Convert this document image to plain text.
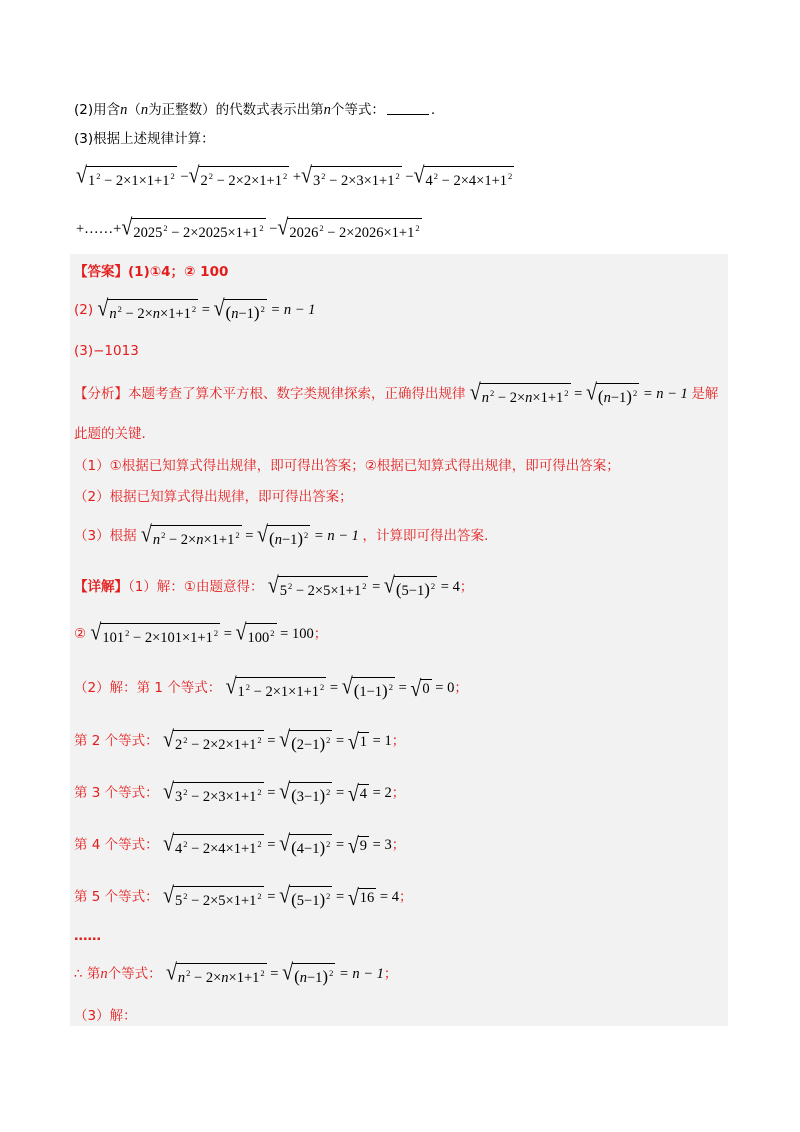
(2)用含n（n为正整数）的代数式表示出第n个等式：	.
(3)根据上述规律计算：
√ $1^2 - 2\times 1\times 1+1^2$ − √ $2^2 - 2\times 2\times 1+1^2$ + √ $3^2 - 2\times 3\times 1+1^2$ − √ $4^2 - 2\times 4\times 1+1^2$
+……+ √ $2025^2 - 2\times 2025\times 1+1^2$ − √ $2026^2 - 2\times 2026\times 1+1^2$
【答案】(1)①4；② 100
(2) √ $n^2 - 2\times n\times 1+1^2$ = √ $(n-1)^2 = n - 1$
(3)−1013
【分析】本题考查了算术平方根、数字类规律探索，正确得出规律 √ $n^2 - 2\times n\times 1+1^2$ = √ $(n-1)^2 = n - 1$ 是解
此题的关键.
（1）①根据已知算式得出规律，即可得出答案；②根据已知算式得出规律，即可得出答案；
（2）根据已知算式得出规律，即可得出答案；
（3）根据 √ $n^2 - 2\times n\times 1+1^2$ = √ $(n-1)^2 = n - 1$ ，计算即可得出答案.
【详解】（1）解：①由题意得： √ $5^2 - 2\times 5\times 1+1^2$ = √ $(5-1)^2 = 4$；
② √ $101^2 - 2\times 101\times 1+1^2$ = √ $100^2 = 100$；
（2）解：第 1 个等式： √ $1^2 - 2\times 1\times 1+1^2$ = √ $(1-1)^2$ = √ 0 = 0；
第 2 个等式： √ $2^2 - 2\times 2\times 1+1^2$ = √ $(2-1)^2$ = √ 1 = 1；
第 3 个等式： √ $3^2 - 2\times 3\times 1+1^2$ = √ $(3-1)^2$ = √ 4 = 2；
第 4 个等式： √ $4^2 - 2\times 4\times 1+1^2$ = √ $(4-1)^2$ = √ 9 = 3；
第 5 个等式： √ $5^2 - 2\times 5\times 1+1^2$ = √ $(5-1)^2$ = √ 16 = 4；
……
∴ 第n个等式： √ $n^2 - 2\times n\times 1+1^2$ = √ $(n-1)^2 = n - 1$；
（3）解：
